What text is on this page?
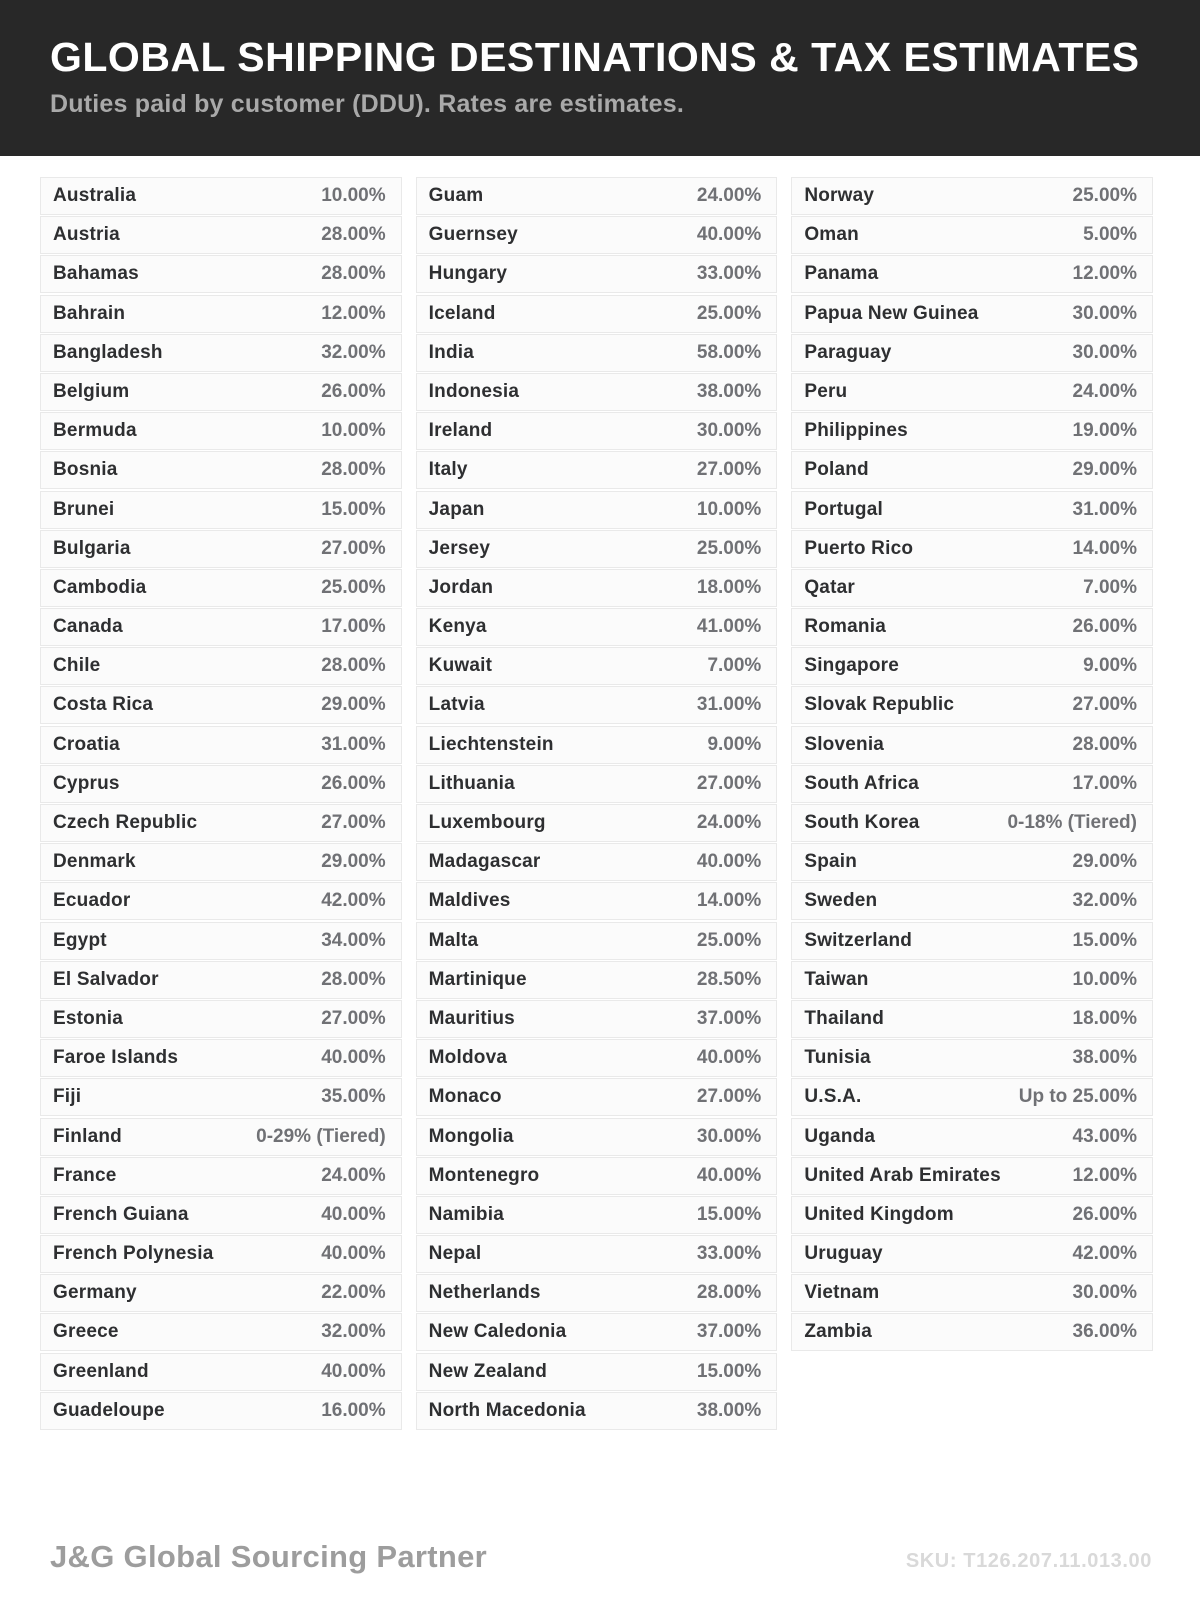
GLOBAL SHIPPING DESTINATIONS & TAX ESTIMATES

Duties paid by customer (DDU). Rates are estimates.

Australia	10.00%
Austria	28.00%
Bahamas	28.00%
Bahrain	12.00%
Bangladesh	32.00%
Belgium	26.00%
Bermuda	10.00%
Bosnia	28.00%
Brunei	15.00%
Bulgaria	27.00%
Cambodia	25.00%
Canada	17.00%
Chile	28.00%
Costa Rica	29.00%
Croatia	31.00%
Cyprus	26.00%
Czech Republic	27.00%
Denmark	29.00%
Ecuador	42.00%
Egypt	34.00%
El Salvador	28.00%
Estonia	27.00%
Faroe Islands	40.00%
Fiji	35.00%
Finland	0-29% (Tiered)
France	24.00%
French Guiana	40.00%
French Polynesia	40.00%
Germany	22.00%
Greece	32.00%
Greenland	40.00%
Guadeloupe	16.00%
Guam	24.00%
Guernsey	40.00%
Hungary	33.00%
Iceland	25.00%
India	58.00%
Indonesia	38.00%
Ireland	30.00%
Italy	27.00%
Japan	10.00%
Jersey	25.00%
Jordan	18.00%
Kenya	41.00%
Kuwait	7.00%
Latvia	31.00%
Liechtenstein	9.00%
Lithuania	27.00%
Luxembourg	24.00%
Madagascar	40.00%
Maldives	14.00%
Malta	25.00%
Martinique	28.50%
Mauritius	37.00%
Moldova	40.00%
Monaco	27.00%
Mongolia	30.00%
Montenegro	40.00%
Namibia	15.00%
Nepal	33.00%
Netherlands	28.00%
New Caledonia	37.00%
New Zealand	15.00%
North Macedonia	38.00%
Norway	25.00%
Oman	5.00%
Panama	12.00%
Papua New Guinea	30.00%
Paraguay	30.00%
Peru	24.00%
Philippines	19.00%
Poland	29.00%
Portugal	31.00%
Puerto Rico	14.00%
Qatar	7.00%
Romania	26.00%
Singapore	9.00%
Slovak Republic	27.00%
Slovenia	28.00%
South Africa	17.00%
South Korea	0-18% (Tiered)
Spain	29.00%
Sweden	32.00%
Switzerland	15.00%
Taiwan	10.00%
Thailand	18.00%
Tunisia	38.00%
U.S.A.	Up to 25.00%
Uganda	43.00%
United Arab Emirates	12.00%
United Kingdom	26.00%
Uruguay	42.00%
Vietnam	30.00%
Zambia	36.00%
J&G Global Sourcing Partner	SKU: T126.207.11.013.00
